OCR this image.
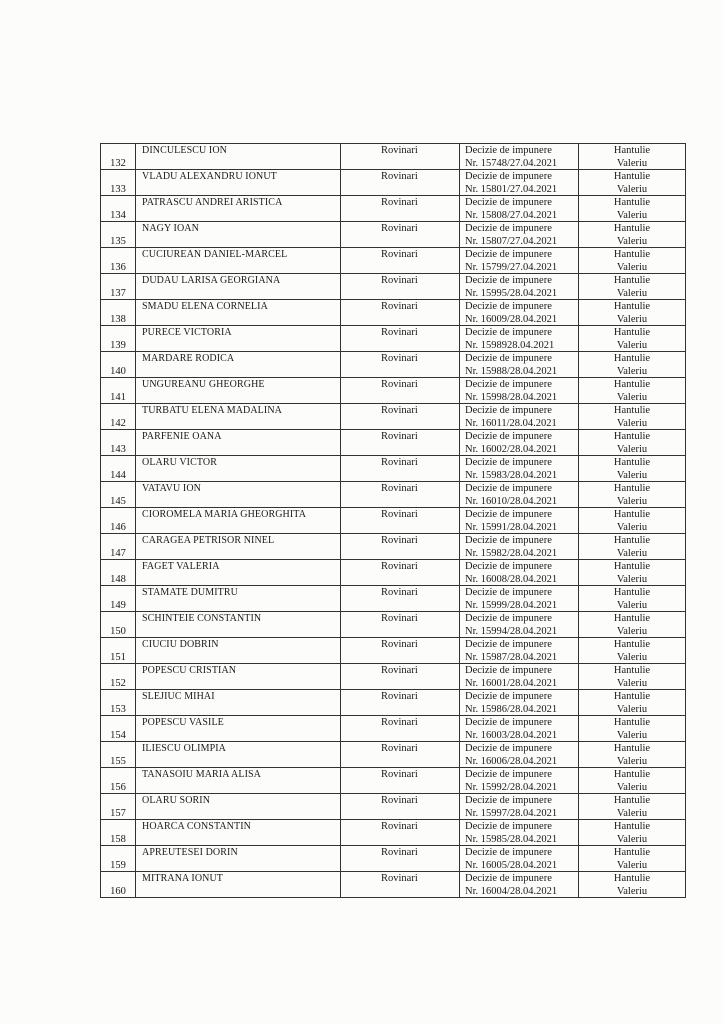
132	DINCULESCU ION	Rovinari	Decizie de impunere
Nr. 15748/27.04.2021	Hantulie
Valeriu

133	VLADU ALEXANDRU IONUT	Rovinari	Decizie de impunere
Nr. 15801/27.04.2021	Hantulie
Valeriu

134	PATRASCU ANDREI ARISTICA	Rovinari	Decizie de impunere
Nr. 15808/27.04.2021	Hantulie
Valeriu

135	NAGY IOAN	Rovinari	Decizie de impunere
Nr. 15807/27.04.2021	Hantulie
Valeriu

136	CUCIUREAN DANIEL-MARCEL	Rovinari	Decizie de impunere
Nr. 15799/27.04.2021	Hantulie
Valeriu

137	DUDAU LARISA GEORGIANA	Rovinari	Decizie de impunere
Nr. 15995/28.04.2021	Hantulie
Valeriu

138	SMADU ELENA CORNELIA	Rovinari	Decizie de impunere
Nr. 16009/28.04.2021	Hantulie
Valeriu

139	PURECE VICTORIA	Rovinari	Decizie de impunere
Nr. 1598928.04.2021	Hantulie
Valeriu

140	MARDARE RODICA	Rovinari	Decizie de impunere
Nr. 15988/28.04.2021	Hantulie
Valeriu

141	UNGUREANU GHEORGHE	Rovinari	Decizie de impunere
Nr. 15998/28.04.2021	Hantulie
Valeriu

142	TURBATU ELENA MADALINA	Rovinari	Decizie de impunere
Nr. 16011/28.04.2021	Hantulie
Valeriu

143	PARFENIE OANA	Rovinari	Decizie de impunere
Nr. 16002/28.04.2021	Hantulie
Valeriu

144	OLARU VICTOR	Rovinari	Decizie de impunere
Nr. 15983/28.04.2021	Hantulie
Valeriu

145	VATAVU ION	Rovinari	Decizie de impunere
Nr. 16010/28.04.2021	Hantulie
Valeriu

146	CIOROMELA MARIA GHEORGHITA	Rovinari	Decizie de impunere
Nr. 15991/28.04.2021	Hantulie
Valeriu

147	CARAGEA PETRISOR NINEL	Rovinari	Decizie de impunere
Nr. 15982/28.04.2021	Hantulie
Valeriu

148	FAGET VALERIA	Rovinari	Decizie de impunere
Nr. 16008/28.04.2021	Hantulie
Valeriu

149	STAMATE DUMITRU	Rovinari	Decizie de impunere
Nr. 15999/28.04.2021	Hantulie
Valeriu

150	SCHINTEIE CONSTANTIN	Rovinari	Decizie de impunere
Nr. 15994/28.04.2021	Hantulie
Valeriu

151	CIUCIU DOBRIN	Rovinari	Decizie de impunere
Nr. 15987/28.04.2021	Hantulie
Valeriu

152	POPESCU CRISTIAN	Rovinari	Decizie de impunere
Nr. 16001/28.04.2021	Hantulie
Valeriu

153	SLEJIUC MIHAI	Rovinari	Decizie de impunere
Nr. 15986/28.04.2021	Hantulie
Valeriu

154	POPESCU VASILE	Rovinari	Decizie de impunere
Nr. 16003/28.04.2021	Hantulie
Valeriu

155	ILIESCU OLIMPIA	Rovinari	Decizie de impunere
Nr. 16006/28.04.2021	Hantulie
Valeriu

156	TANASOIU MARIA ALISA	Rovinari	Decizie de impunere
Nr. 15992/28.04.2021	Hantulie
Valeriu

157	OLARU SORIN	Rovinari	Decizie de impunere
Nr. 15997/28.04.2021	Hantulie
Valeriu

158	HOARCA CONSTANTIN	Rovinari	Decizie de impunere
Nr. 15985/28.04.2021	Hantulie
Valeriu

159	APREUTESEI DORIN	Rovinari	Decizie de impunere
Nr. 16005/28.04.2021	Hantulie
Valeriu

160	MITRANA IONUT	Rovinari	Decizie de impunere
Nr. 16004/28.04.2021	Hantulie
Valeriu
